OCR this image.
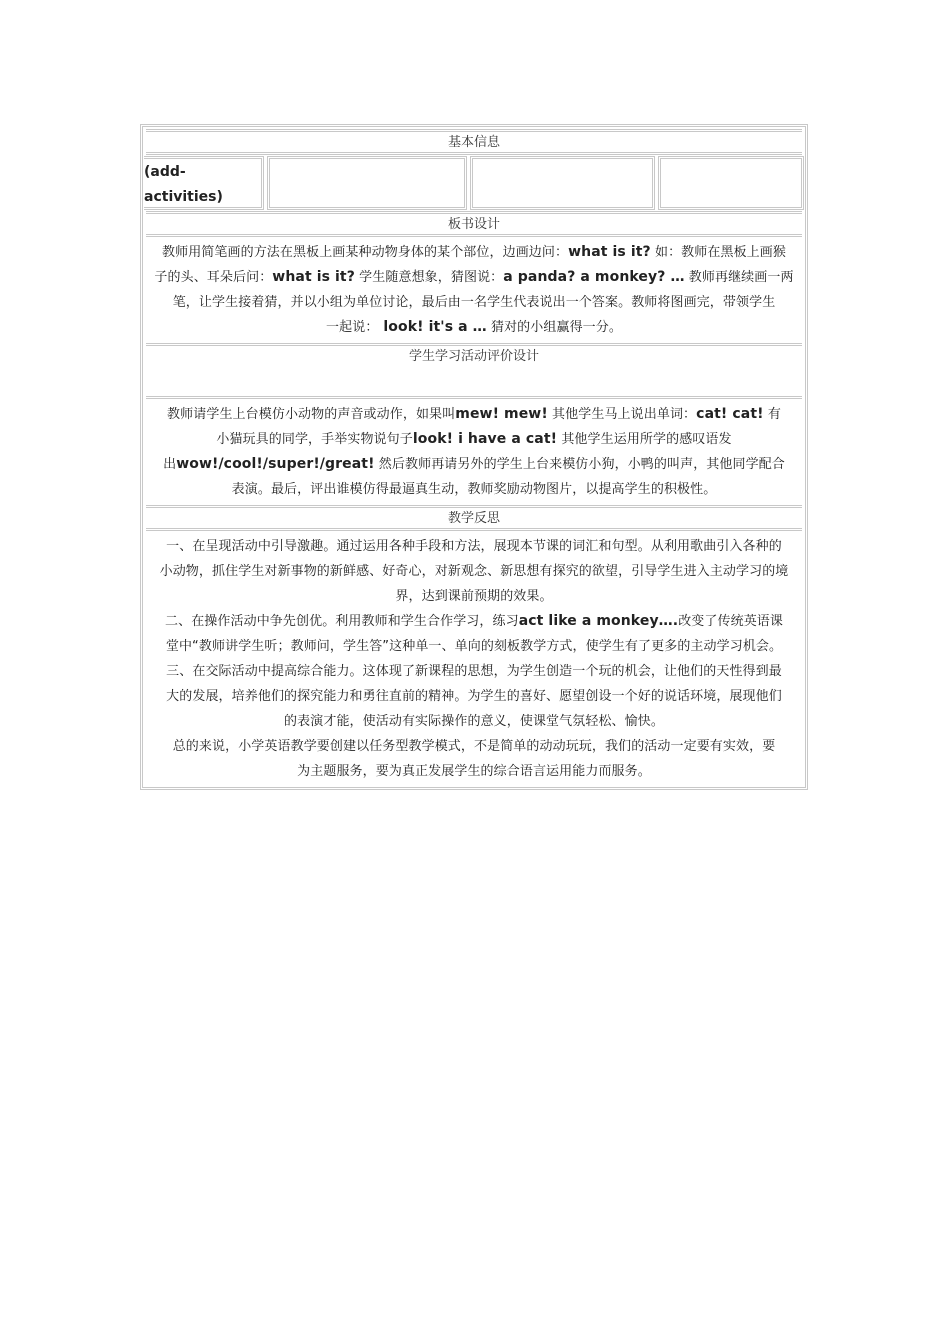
基本信息
(add-activities)
板书设计

教师用简笔画的方法在黑板上画某种动物身体的某个部位，边画边问：what is it? 如：教师在黑板上画猴

子的头、耳朵后问：what is it? 学生随意想象，猜图说：a panda? a monkey? … 教师再继续画一两

笔，让学生接着猜，并以小组为单位讨论，最后由一名学生代表说出一个答案。教师将图画完，带领学生

一起说： look! it's a … 猜对的小组赢得一分。

学生学习活动评价设计

教师请学生上台模仿小动物的声音或动作，如果叫mew! mew! 其他学生马上说出单词：cat! cat! 有

小猫玩具的同学，手举实物说句子look! i have a cat! 其他学生运用所学的感叹语发

出wow!/cool!/super!/great! 然后教师再请另外的学生上台来模仿小狗，小鸭的叫声，其他同学配合

表演。最后，评出谁模仿得最逼真生动，教师奖励动物图片，以提高学生的积极性。

教学反思

一、在呈现活动中引导激趣。通过运用各种手段和方法，展现本节课的词汇和句型。从利用歌曲引入各种的

小动物，抓住学生对新事物的新鲜感、好奇心，对新观念、新思想有探究的欲望，引导学生进入主动学习的境

界，达到课前预期的效果。

二、在操作活动中争先创优。利用教师和学生合作学习，练习act like a monkey….改变了传统英语课

堂中“教师讲学生听；教师问，学生答”这种单一、单向的刻板教学方式，使学生有了更多的主动学习机会。

三、在交际活动中提高综合能力。这体现了新课程的思想，为学生创造一个玩的机会，让他们的天性得到最

大的发展，培养他们的探究能力和勇往直前的精神。为学生的喜好、愿望创设一个好的说话环境，展现他们

的表演才能，使活动有实际操作的意义，使课堂气氛轻松、愉快。

总的来说，小学英语教学要创建以任务型教学模式，不是简单的动动玩玩，我们的活动一定要有实效，要

为主题服务，要为真正发展学生的综合语言运用能力而服务。
